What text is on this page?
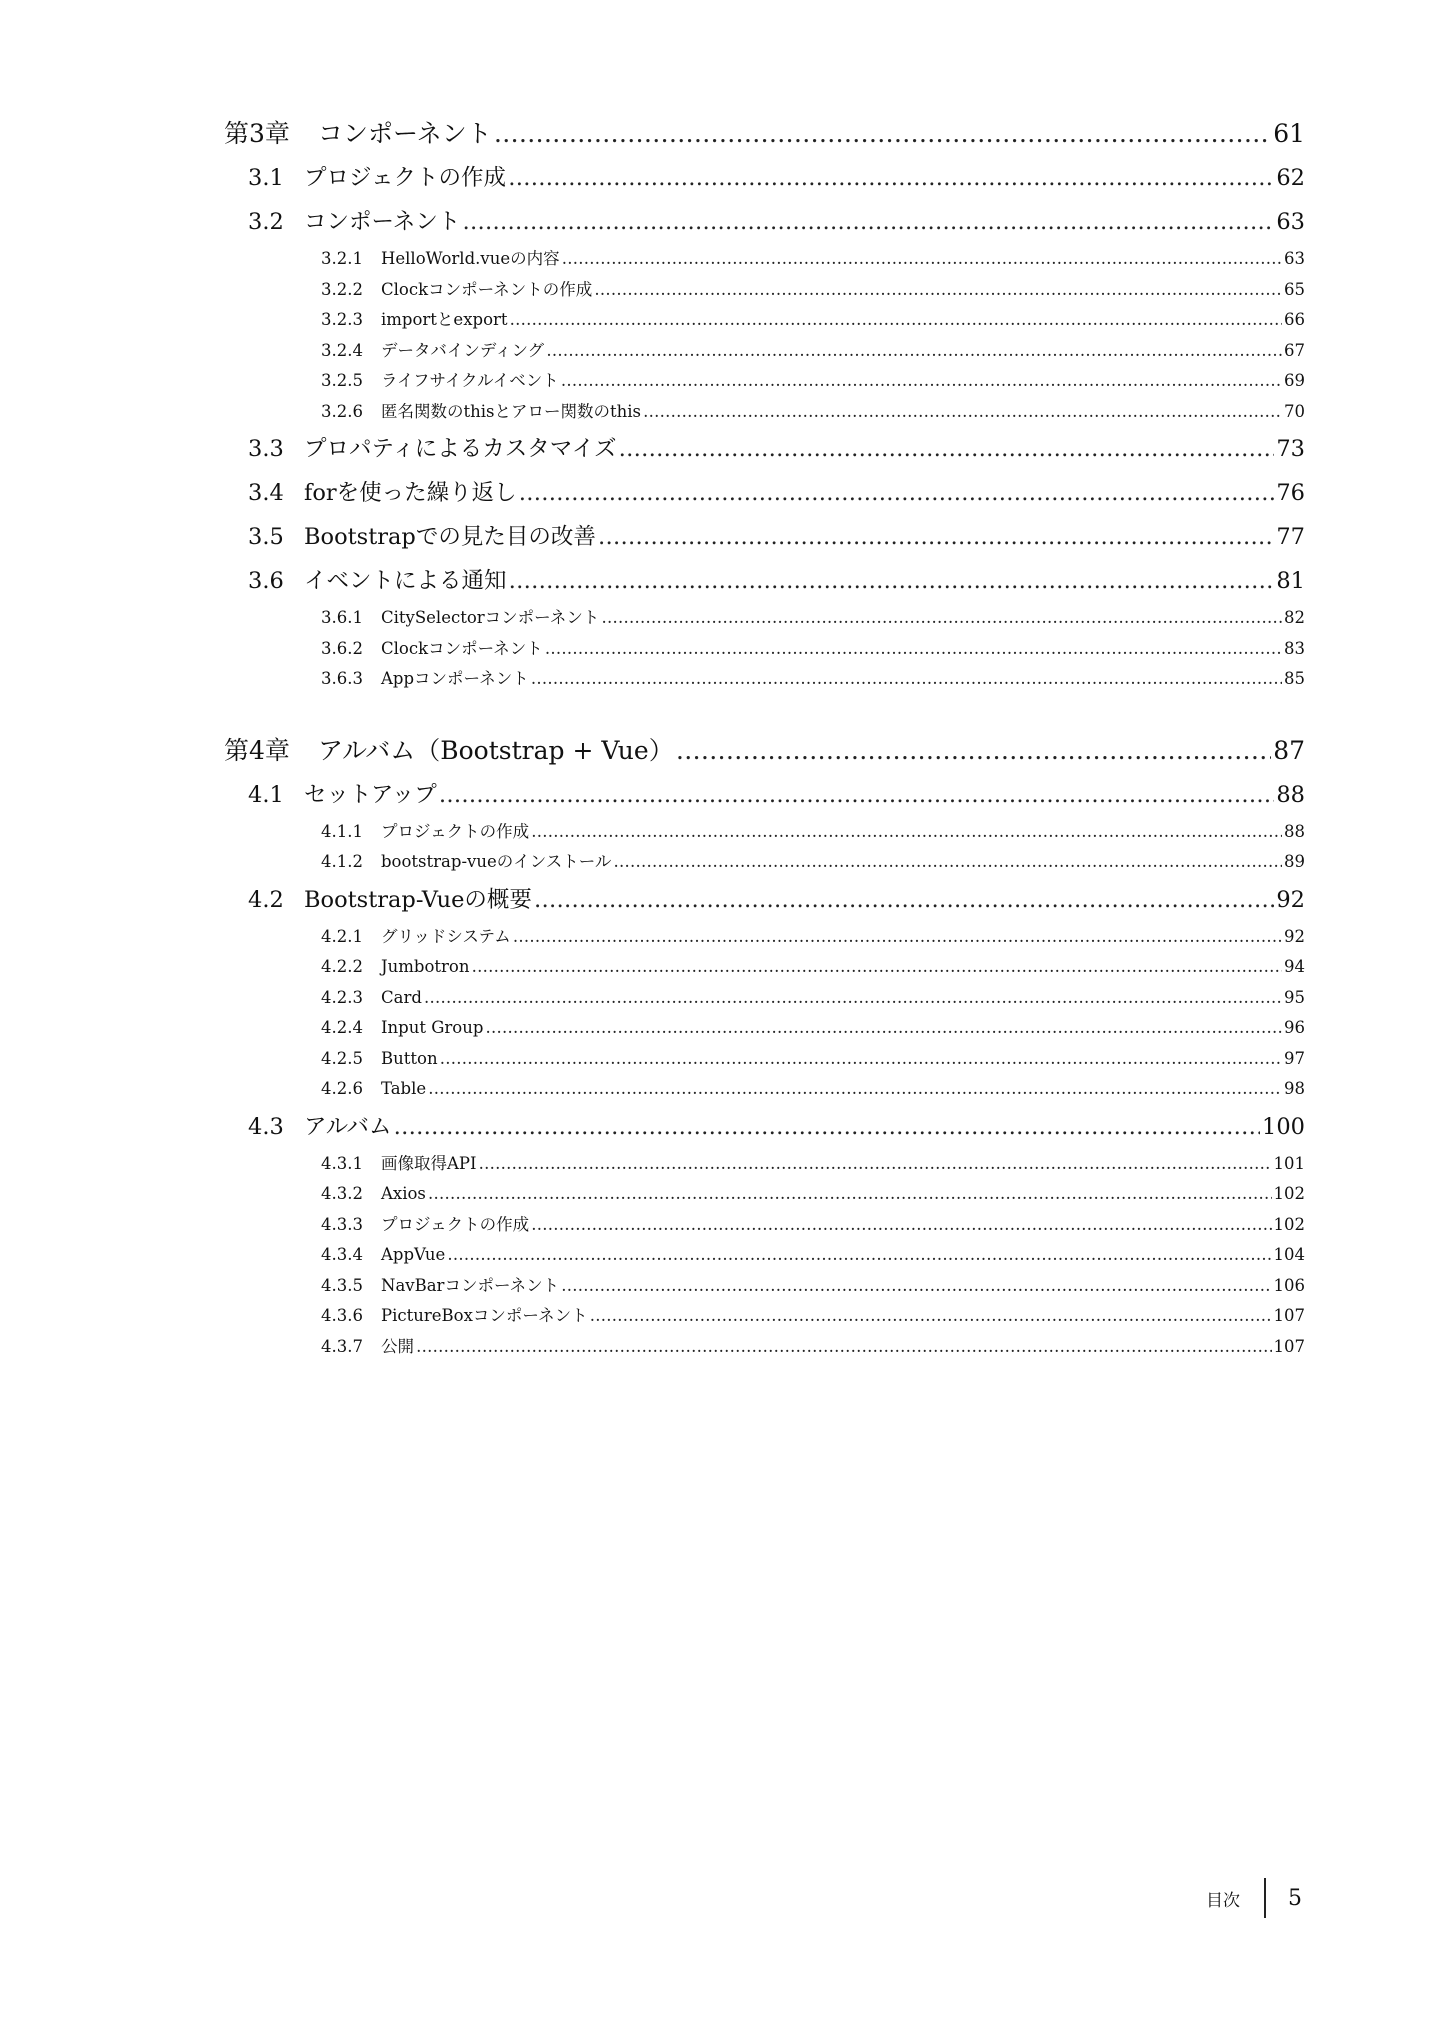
第3章	コンポーネント ……………………………………………………………………………………………………………………………………………………………………………………………………………………………………………………………………	61
3.1 プロジェクトの作成 ……………………………………………………………………………………………………………………………………………………………………………………………………………………………………………………………………	62
3.2 コンポーネント ……………………………………………………………………………………………………………………………………………………………………………………………………………………………………………………………………	63
3.2.1	HelloWorld.vueの内容 ……………………………………………………………………………………………………………………………………………………………………………………………………………………………………………………………………	63
3.2.2	Clockコンポーネントの作成 ……………………………………………………………………………………………………………………………………………………………………………………………………………………………………………………………………	65
3.2.3	importとexport ……………………………………………………………………………………………………………………………………………………………………………………………………………………………………………………………………	66
3.2.4	データバインディング ……………………………………………………………………………………………………………………………………………………………………………………………………………………………………………………………………	67
3.2.5	ライフサイクルイベント ……………………………………………………………………………………………………………………………………………………………………………………………………………………………………………………………………	69
3.2.6	匿名関数のthisとアロー関数のthis ……………………………………………………………………………………………………………………………………………………………………………………………………………………………………………………………………	70
3.3 プロパティによるカスタマイズ ……………………………………………………………………………………………………………………………………………………………………………………………………………………………………………………………………	73
3.4 forを使った繰り返し ……………………………………………………………………………………………………………………………………………………………………………………………………………………………………………………………………	76
3.5 Bootstrapでの見た目の改善 ……………………………………………………………………………………………………………………………………………………………………………………………………………………………………………………………………	77
3.6 イベントによる通知 ……………………………………………………………………………………………………………………………………………………………………………………………………………………………………………………………………	81
3.6.1	CitySelectorコンポーネント ……………………………………………………………………………………………………………………………………………………………………………………………………………………………………………………………………	82
3.6.2	Clockコンポーネント ……………………………………………………………………………………………………………………………………………………………………………………………………………………………………………………………………	83
3.6.3	Appコンポーネント ……………………………………………………………………………………………………………………………………………………………………………………………………………………………………………………………………	85
第4章	アルバム（Bootstrap + Vue） ……………………………………………………………………………………………………………………………………………………………………………………………………………………………………………………………………	87
4.1 セットアップ ……………………………………………………………………………………………………………………………………………………………………………………………………………………………………………………………………	88
4.1.1	プロジェクトの作成 ……………………………………………………………………………………………………………………………………………………………………………………………………………………………………………………………………	88
4.1.2	bootstrap-vueのインストール ……………………………………………………………………………………………………………………………………………………………………………………………………………………………………………………………………	89
4.2 Bootstrap-Vueの概要 ……………………………………………………………………………………………………………………………………………………………………………………………………………………………………………………………………	92
4.2.1	グリッドシステム ……………………………………………………………………………………………………………………………………………………………………………………………………………………………………………………………………	92
4.2.2	Jumbotron ……………………………………………………………………………………………………………………………………………………………………………………………………………………………………………………………………	94
4.2.3	Card ……………………………………………………………………………………………………………………………………………………………………………………………………………………………………………………………………	95
4.2.4	Input Group ……………………………………………………………………………………………………………………………………………………………………………………………………………………………………………………………………	96
4.2.5	Button ……………………………………………………………………………………………………………………………………………………………………………………………………………………………………………………………………	97
4.2.6	Table ……………………………………………………………………………………………………………………………………………………………………………………………………………………………………………………………………	98
4.3 アルバム ……………………………………………………………………………………………………………………………………………………………………………………………………………………………………………………………………	100
4.3.1	画像取得API ……………………………………………………………………………………………………………………………………………………………………………………………………………………………………………………………………	101
4.3.2	Axios ……………………………………………………………………………………………………………………………………………………………………………………………………………………………………………………………………	102
4.3.3	プロジェクトの作成 ……………………………………………………………………………………………………………………………………………………………………………………………………………………………………………………………………	102
4.3.4	AppVue ……………………………………………………………………………………………………………………………………………………………………………………………………………………………………………………………………	104
4.3.5	NavBarコンポーネント ……………………………………………………………………………………………………………………………………………………………………………………………………………………………………………………………………	106
4.3.6	PictureBoxコンポーネント ……………………………………………………………………………………………………………………………………………………………………………………………………………………………………………………………………	107
4.3.7	公開 ……………………………………………………………………………………………………………………………………………………………………………………………………………………………………………………………………	107
目次 5
